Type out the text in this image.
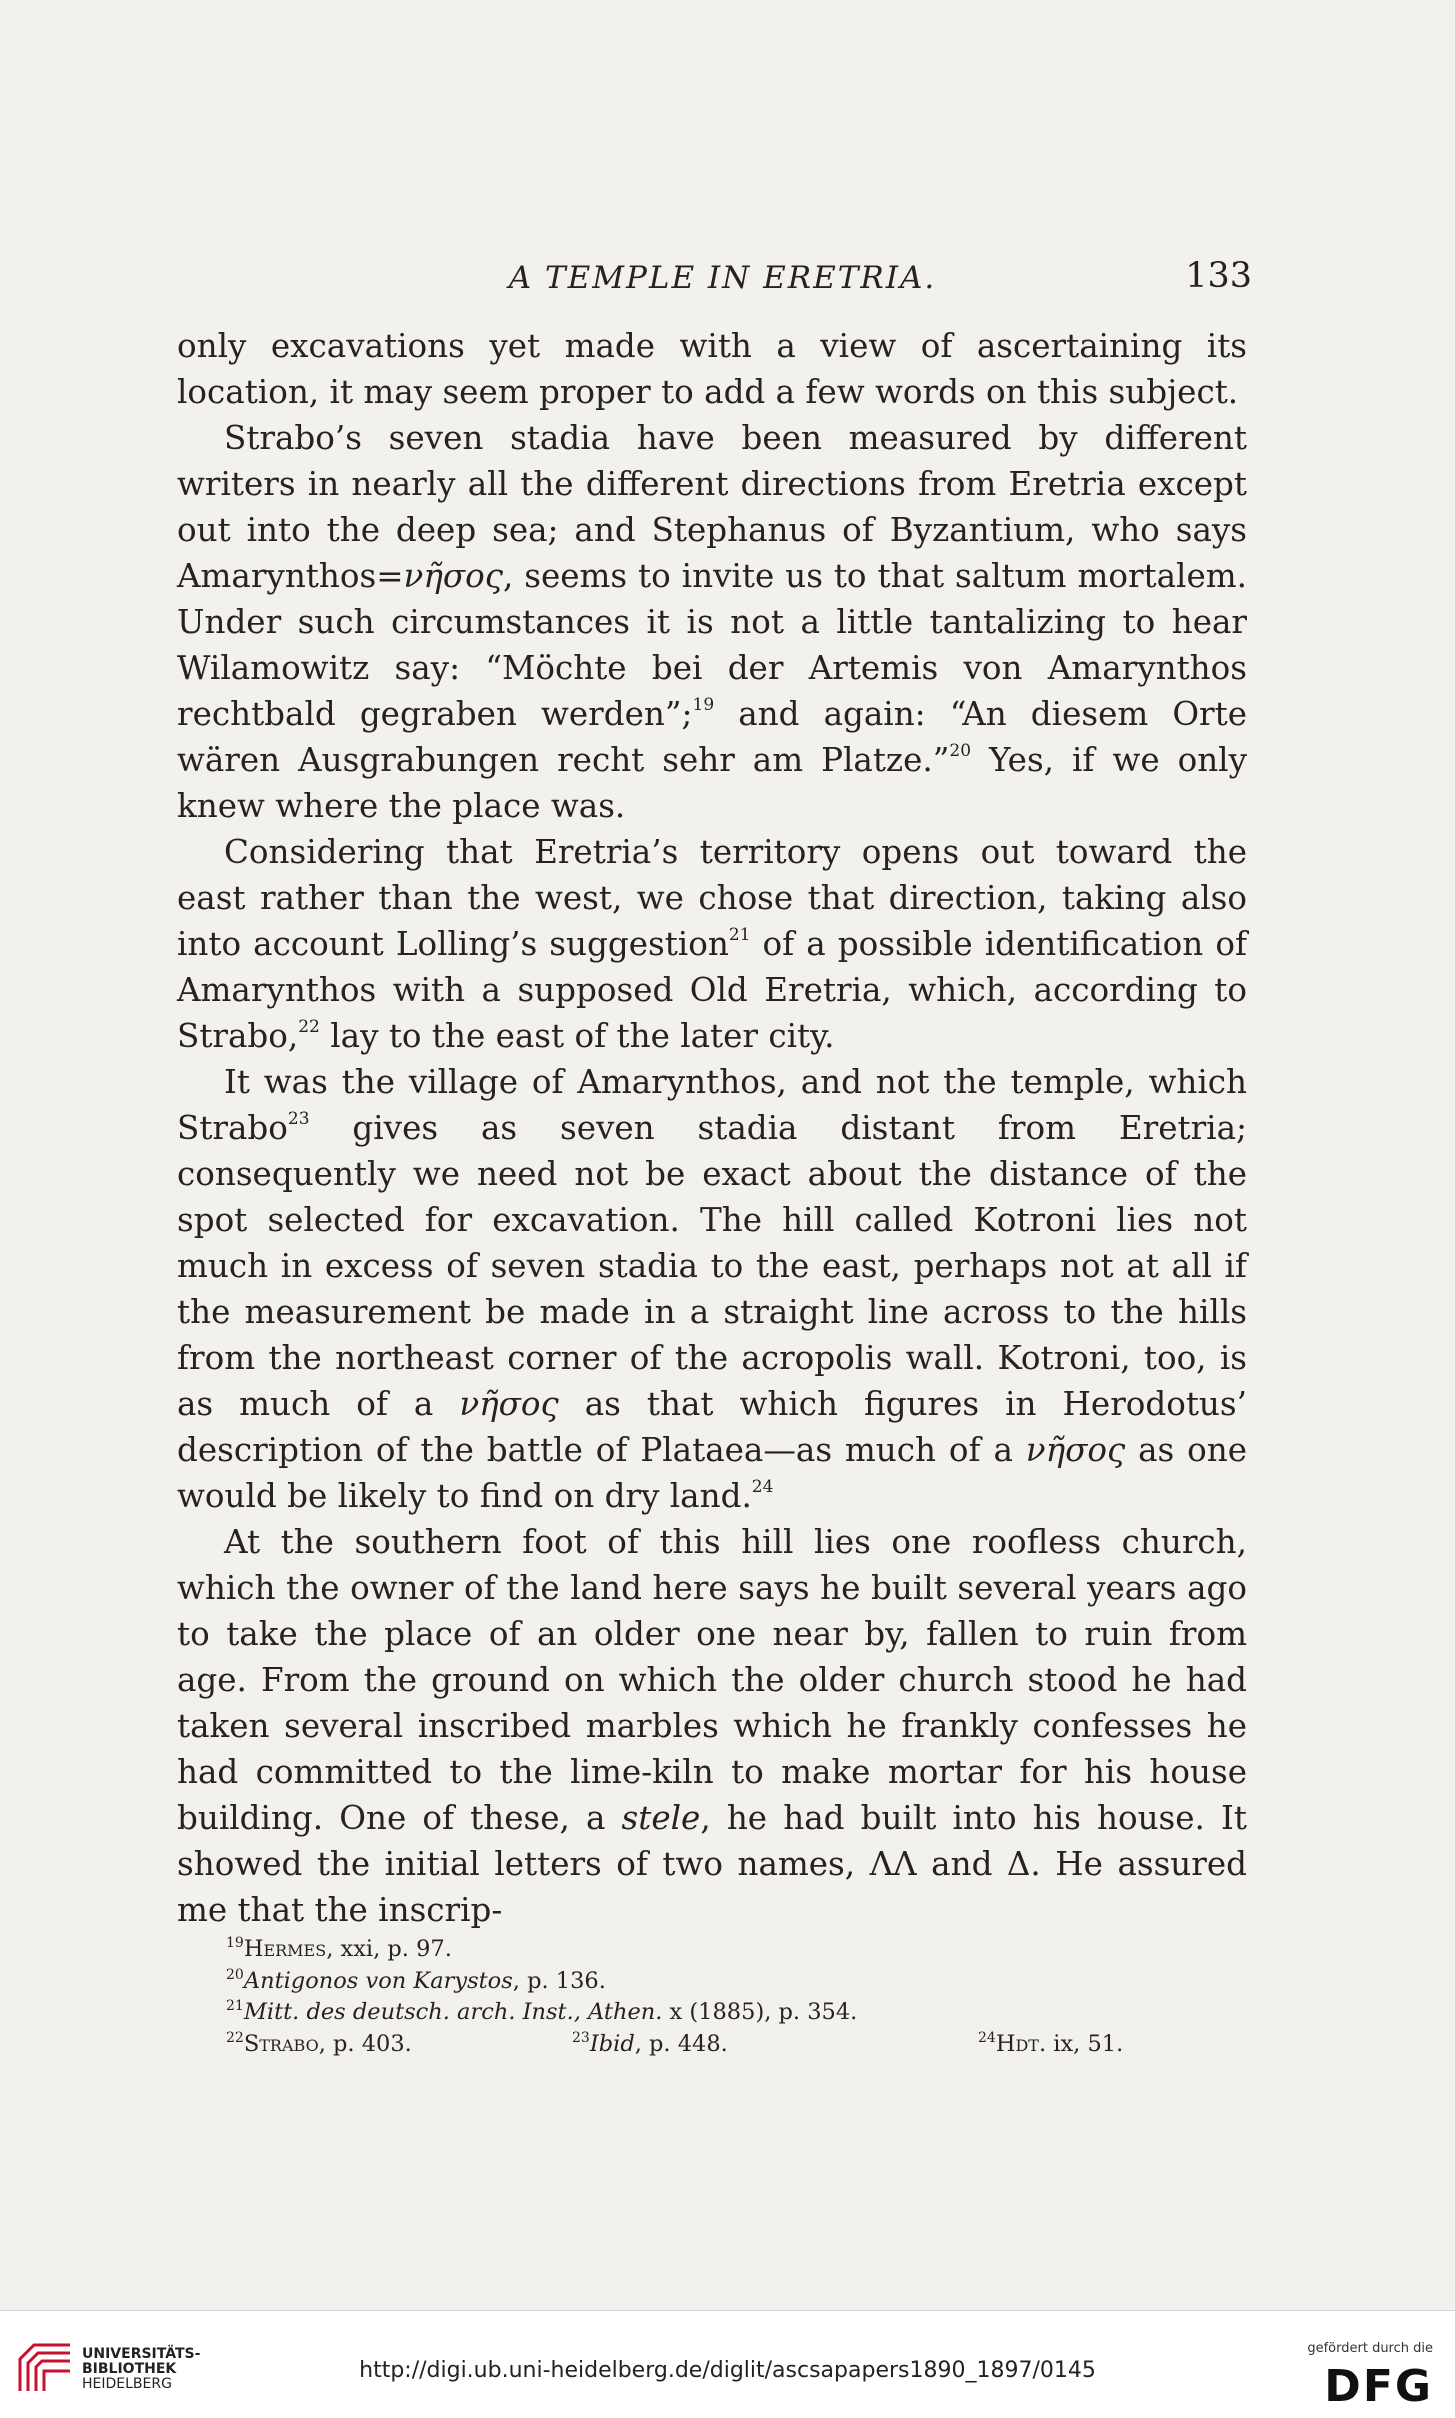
A TEMPLE IN ERETRIA.	133

only excavations yet made with a view of ascertaining its location, it may seem proper to add a few words on this subject.

Strabo’s seven stadia have been measured by different writers in nearly all the different directions from Eretria except out into the deep sea; and Stephanus of Byzantium, who says Amarynthos=νῆσος, seems to invite us to that saltum mortalem. Under such circumstances it is not a little tantalizing to hear Wilamowitz say: “Möchte bei der Artemis von Amarynthos rechtbald gegraben werden”;$^{19}$ and again: “An diesem Orte wären Ausgrabungen recht sehr am Platze.”$^{20}$ Yes, if we only knew where the place was.

Considering that Eretria’s territory opens out toward the east rather than the west, we chose that direction, taking also into account Lolling’s suggestion$^{21}$ of a possible identification of Amarynthos with a supposed Old Eretria, which, according to Strabo,$^{22}$ lay to the east of the later city.

It was the village of Amarynthos, and not the temple, which Strabo$^{23}$ gives as seven stadia distant from Eretria; consequently we need not be exact about the distance of the spot selected for excavation. The hill called Kotroni lies not much in excess of seven stadia to the east, perhaps not at all if the measurement be made in a straight line across to the hills from the northeast corner of the acropolis wall. Kotroni, too, is as much of a νῆσος as that which figures in Herodotus’ description of the battle of Plataea—as much of a νῆσος as one would be likely to find on dry land.$^{24}$

At the southern foot of this hill lies one roofless church, which the owner of the land here says he built several years ago to take the place of an older one near by, fallen to ruin from age. From the ground on which the older church stood he had taken several inscribed marbles which he frankly confesses he had committed to the lime-kiln to make mortar for his house building. One of these, a stele, he had built into his house. It showed the initial letters of two names, ΛΛ and Δ. He assured me that the inscrip-

$^{19}$Hermes, xxi, p. 97.
$^{20}$Antigonos von Karystos, p. 136.
$^{21}$Mitt. des deutsch. arch. Inst., Athen. x (1885), p. 354.
$^{22}$Strabo, p. 403.	$^{23}$Ibid, p. 448.	$^{24}$Hdt. ix, 51.
UNIVERSITÄTS-
BIBLIOTHEK
HEIDELBERG
http://digi.ub.uni-heidelberg.de/diglit/ascsapapers1890_1897/0145
gefördert durch die
DFG
